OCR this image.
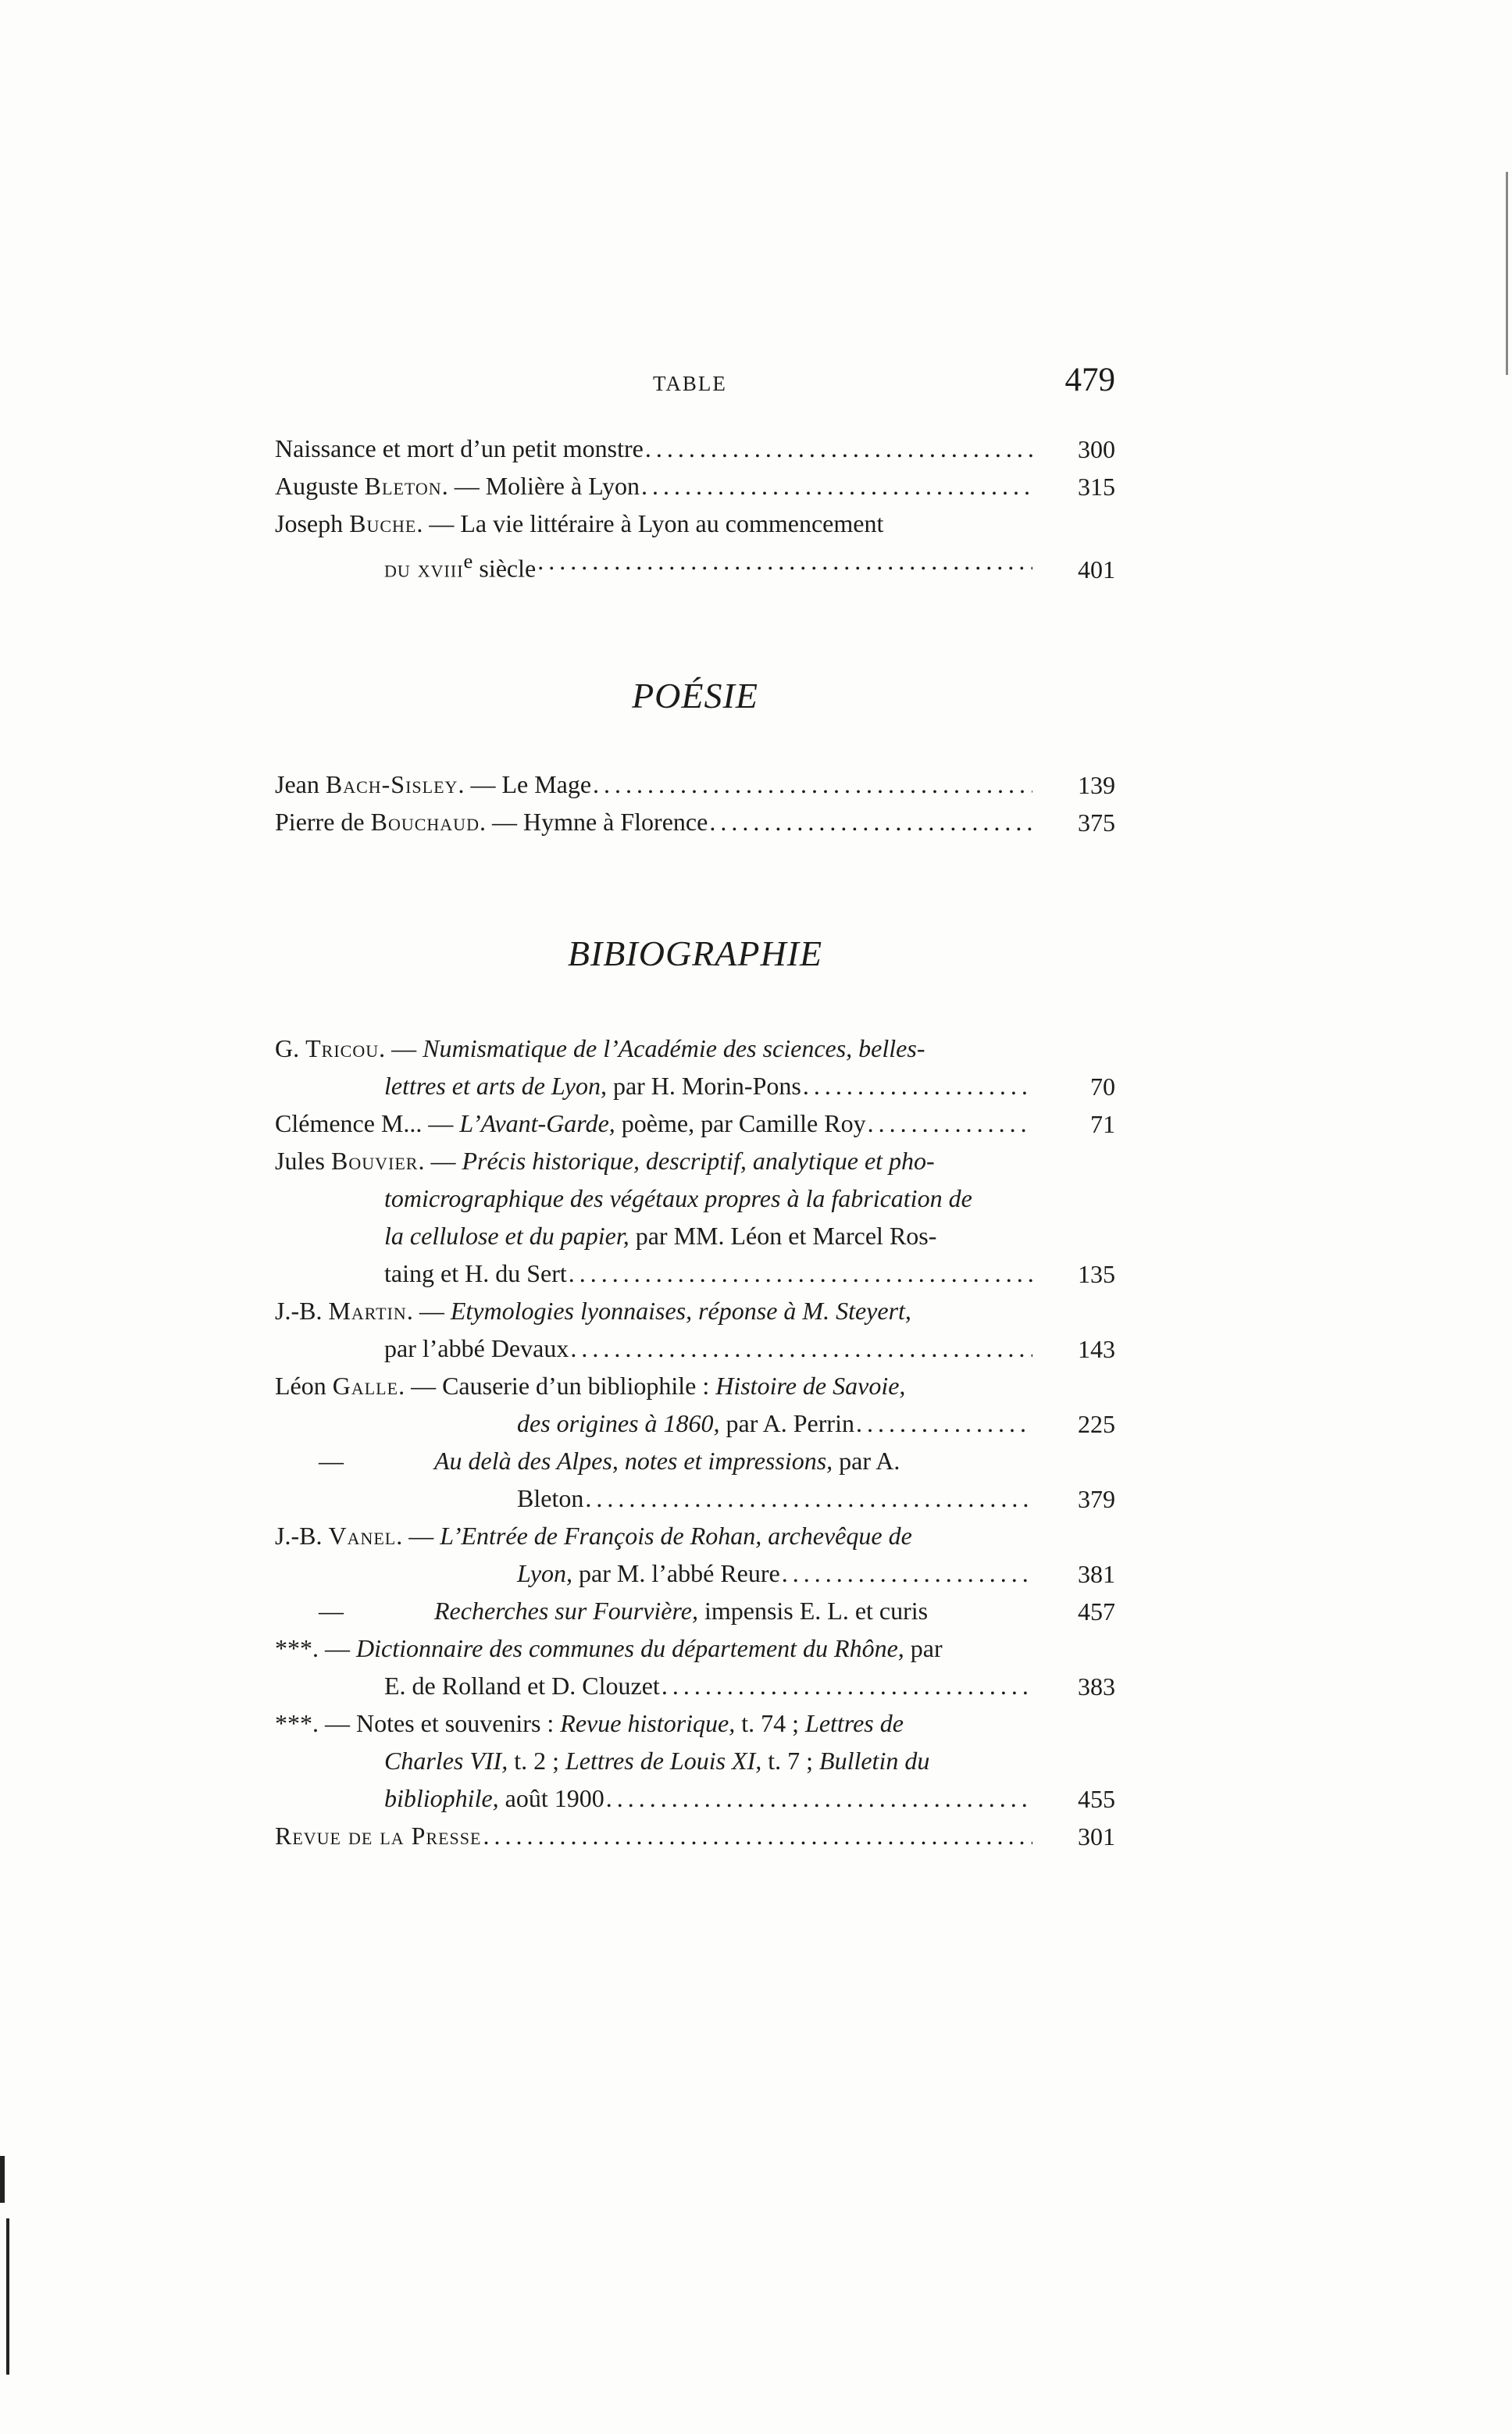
TABLE	479
Naissance et mort d’un petit monstre . . .	300
Auguste Bleton. — Molière à Lyon . . .	315
Joseph Buche. — La vie littéraire à Lyon au commencement
du xviii$^e$ siècle . . .	401
POÉSIE
Jean Bach-Sisley. — Le Mage . . .	139
Pierre de Bouchaud. — Hymne à Florence . . .	375
BIBIOGRAPHIE
G. Tricou. — Numismatique de l’Académie des sciences, belles-
lettres et arts de Lyon, par H. Morin-Pons . . .	70
Clémence M... — L’Avant-Garde, poème, par Camille Roy . . .	71
Jules Bouvier. — Précis historique, descriptif, analytique et pho-
tomicrographique des végétaux propres à la fabrication de
la cellulose et du papier, par MM. Léon et Marcel Ros-
taing et H. du Sert . . .	135
J.-B. Martin. — Etymologies lyonnaises, réponse à M. Steyert,
par l’abbé Devaux . . .	143
Léon Galle. — Causerie d’un bibliophile : Histoire de Savoie,
des origines à 1860, par A. Perrin . . .	225
—	Au delà des Alpes, notes et impressions, par A.
Bleton . . .	379
J.-B. Vanel. — L’Entrée de François de Rohan, archevêque de
Lyon, par M. l’abbé Reure . . .	381
—	Recherches sur Fourvière, impensis E. L. et curis	457
***. — Dictionnaire des communes du département du Rhône, par
E. de Rolland et D. Clouzet . . .	383
***. — Notes et souvenirs : Revue historique, t. 74 ; Lettres de
Charles VII, t. 2 ; Lettres de Louis XI, t. 7 ; Bulletin du
bibliophile, août 1900 . . .	455
Revue de la Presse . . .	301
